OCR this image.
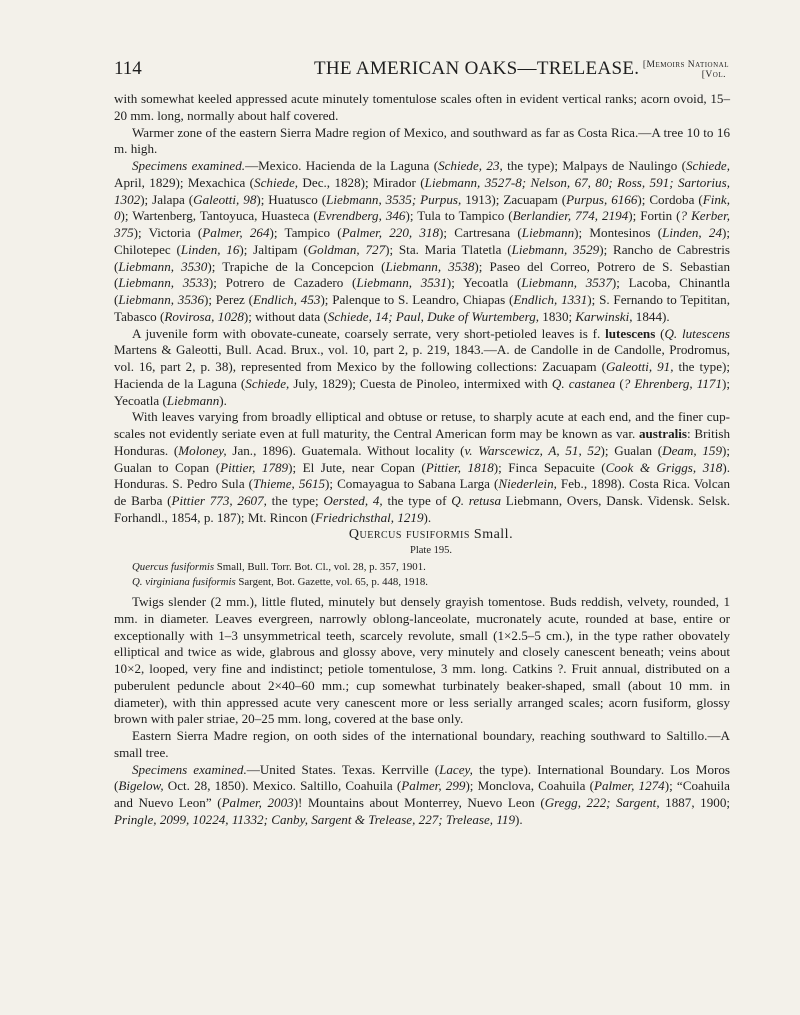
114	THE AMERICAN OAKS—TRELEASE. [Memoirs National
[Vol.

with somewhat keeled appressed acute minutely tomentulose scales often in evident vertical ranks; acorn ovoid, 15–20 mm. long, normally about half covered.

Warmer zone of the eastern Sierra Madre region of Mexico, and southward as far as Costa Rica.—A tree 10 to 16 m. high.

Specimens examined.—Mexico. Hacienda de la Laguna (Schiede, 23, the type); Malpays de Naulingo (Schiede, April, 1829); Mexachica (Schiede, Dec., 1828); Mirador (Liebmann, 3527-8; Nelson, 67, 80; Ross, 591; Sartorius, 1302); Jalapa (Galeotti, 98); Huatusco (Liebmann, 3535; Purpus, 1913); Zacuapam (Purpus, 6166); Cordoba (Fink, 0); Wartenberg, Tantoyuca, Huasteca (Evrendberg, 346); Tula to Tampico (Berlandier, 774, 2194); Fortin (? Kerber, 375); Victoria (Palmer, 264); Tampico (Palmer, 220, 318); Cartresana (Liebmann); Montesinos (Linden, 24); Chilotepec (Linden, 16); Jaltipam (Goldman, 727); Sta. Maria Tlatetla (Liebmann, 3529); Rancho de Cabrestris (Liebmann, 3530); Trapiche de la Concepcion (Liebmann, 3538); Paseo del Correo, Potrero de S. Sebastian (Liebmann, 3533); Potrero de Cazadero (Liebmann, 3531); Yecoatla (Liebmann, 3537); Lacoba, Chinantla (Liebmann, 3536); Perez (Endlich, 453); Palenque to S. Leandro, Chiapas (Endlich, 1331); S. Fernando to Tepititan, Tabasco (Rovirosa, 1028); without data (Schiede, 14; Paul, Duke of Wurtemberg, 1830; Karwinski, 1844).

A juvenile form with obovate-cuneate, coarsely serrate, very short-petioled leaves is f. lutescens (Q. lutescens Martens & Galeotti, Bull. Acad. Brux., vol. 10, part 2, p. 219, 1843.—A. de Candolle in de Candolle, Prodromus, vol. 16, part 2, p. 38), represented from Mexico by the following collections: Zacuapam (Galeotti, 91, the type); Hacienda de la Laguna (Schiede, July, 1829); Cuesta de Pinoleo, intermixed with Q. castanea (? Ehrenberg, 1171); Yecoatla (Liebmann).

With leaves varying from broadly elliptical and obtuse or retuse, to sharply acute at each end, and the finer cup-scales not evidently seriate even at full maturity, the Central American form may be known as var. australis: British Honduras. (Moloney, Jan., 1896). Guatemala. Without locality (v. Warscewicz, A, 51, 52); Gualan (Deam, 159); Gualan to Copan (Pittier, 1789); El Jute, near Copan (Pittier, 1818); Finca Sepacuite (Cook & Griggs, 318). Honduras. S. Pedro Sula (Thieme, 5615); Comayagua to Sabana Larga (Niederlein, Feb., 1898). Costa Rica. Volcan de Barba (Pittier 773, 2607, the type; Oersted, 4, the type of Q. retusa Liebmann, Overs, Dansk. Vidensk. Selsk. Forhandl., 1854, p. 187); Mt. Rincon (Friedrichsthal, 1219).

Quercus fusiformis Small.

Plate 195.

Quercus fusiformis Small, Bull. Torr. Bot. Cl., vol. 28, p. 357, 1901.

Q. virginiana fusiformis Sargent, Bot. Gazette, vol. 65, p. 448, 1918.

Twigs slender (2 mm.), little fluted, minutely but densely grayish tomentose. Buds reddish, velvety, rounded, 1 mm. in diameter. Leaves evergreen, narrowly oblong-lanceolate, mucronately acute, rounded at base, entire or exceptionally with 1–3 unsymmetrical teeth, scarcely revolute, small (1×2.5–5 cm.), in the type rather obovately elliptical and twice as wide, glabrous and glossy above, very minutely and closely canescent beneath; veins about 10×2, looped, very fine and indistinct; petiole tomentulose, 3 mm. long. Catkins ?. Fruit annual, distributed on a puberulent peduncle about 2×40–60 mm.; cup somewhat turbinately beaker-shaped, small (about 10 mm. in diameter), with thin appressed acute very canescent more or less serially arranged scales; acorn fusiform, glossy brown with paler striae, 20–25 mm. long, covered at the base only.

Eastern Sierra Madre region, on ooth sides of the international boundary, reaching southward to Saltillo.—A small tree.

Specimens examined.—United States. Texas. Kerrville (Lacey, the type). International Boundary. Los Moros (Bigelow, Oct. 28, 1850). Mexico. Saltillo, Coahuila (Palmer, 299); Monclova, Coahuila (Palmer, 1274); “Coahuila and Nuevo Leon” (Palmer, 2003)! Mountains about Monterrey, Nuevo Leon (Gregg, 222; Sargent, 1887, 1900; Pringle, 2099, 10224, 11332; Canby, Sargent & Trelease, 227; Trelease, 119).
